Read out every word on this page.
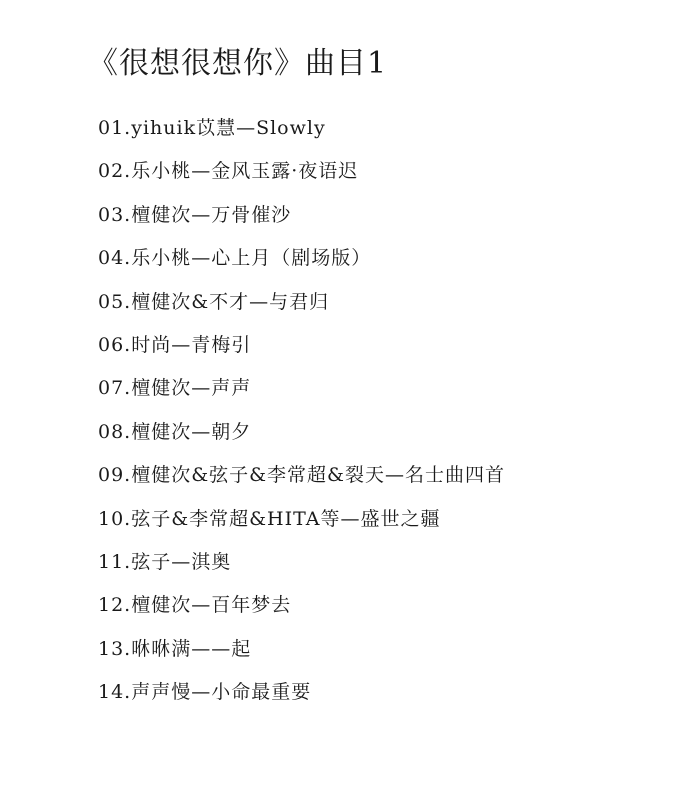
《很想很想你》曲目1
01.yihuik苡慧—Slowly
02.乐小桃—金风玉露·夜语迟
03.檀健次—万骨催沙
04.乐小桃—心上月（剧场版）
05.檀健次&不才—与君归
06.时尚—青梅引
07.檀健次—声声
08.檀健次—朝夕
09.檀健次&弦子&李常超&裂天—名士曲四首
10.弦子&李常超&HITA等—盛世之疆
11.弦子—淇奥
12.檀健次—百年梦去
13.咻咻满——起
14.声声慢—小命最重要
